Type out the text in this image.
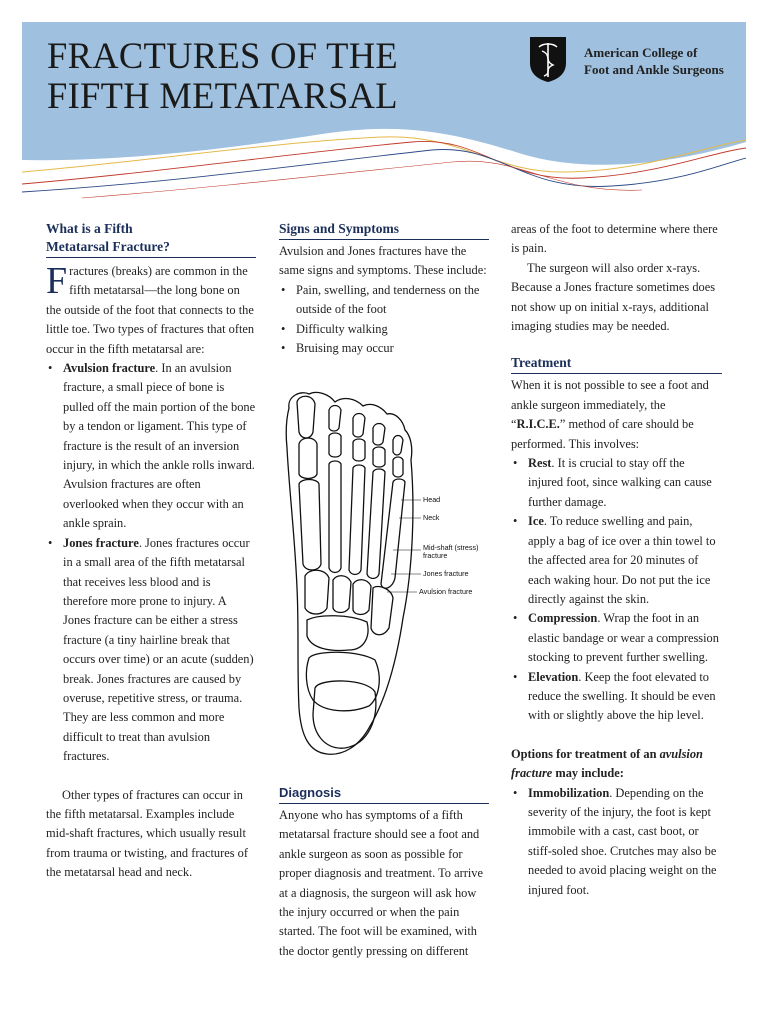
FRACTURES OF THE
FIFTH METATARSAL
American College of
Foot and Ankle Surgeons
What is a Fifth
Metatarsal Fracture?

Fractures (breaks) are common in the fifth metatarsal—the long bone on the outside of the foot that connects to the little toe. Two types of fractures that often occur in the fifth metatarsal are:

• Avulsion fracture. In an avulsion fracture, a small piece of bone is pulled off the main portion of the bone by a tendon or ligament. This type of fracture is the result of an inversion injury, in which the ankle rolls inward. Avulsion fractures are often overlooked when they occur with an ankle sprain.
• Jones fracture. Jones fractures occur in a small area of the fifth metatarsal that receives less blood and is therefore more prone to injury. A Jones fracture can be either a stress fracture (a tiny hairline break that occurs over time) or an acute (sudden) break. Jones fractures are caused by overuse, repetitive stress, or trauma. They are less common and more difficult to treat than avulsion fractures.

Other types of fractures can occur in the fifth metatarsal. Examples include mid-shaft fractures, which usually result from trauma or twisting, and fractures of the metatarsal head and neck.

Signs and Symptoms

Avulsion and Jones fractures have the same signs and symptoms. These include:

• Pain, swelling, and tenderness on the outside of the foot
• Difficulty walking
• Bruising may occur
Head
Neck
Mid-shaft (stress)
fracture
Jones fracture
Avulsion fracture
Diagnosis

Anyone who has symptoms of a fifth metatarsal fracture should see a foot and ankle surgeon as soon as possible for proper diagnosis and treatment. To arrive at a diagnosis, the surgeon will ask how the injury occurred or when the pain started. The foot will be examined, with the doctor gently pressing on different

areas of the foot to determine where there is pain.

The surgeon will also order x-rays. Because a Jones fracture sometimes does not show up on initial x-rays, additional imaging studies may be needed.

Treatment

When it is not possible to see a foot and ankle surgeon immediately, the “R.I.C.E.” method of care should be performed. This involves:

• Rest. It is crucial to stay off the injured foot, since walking can cause further damage.
• Ice. To reduce swelling and pain, apply a bag of ice over a thin towel to the affected area for 20 minutes of each waking hour. Do not put the ice directly against the skin.
• Compression. Wrap the foot in an elastic bandage or wear a compression stocking to prevent further swelling.
• Elevation. Keep the foot elevated to reduce the swelling. It should be even with or slightly above the hip level.

Options for treatment of an avulsion fracture may include:

• Immobilization. Depending on the severity of the injury, the foot is kept immobile with a cast, cast boot, or stiff-soled shoe. Crutches may also be needed to avoid placing weight on the injured foot.
